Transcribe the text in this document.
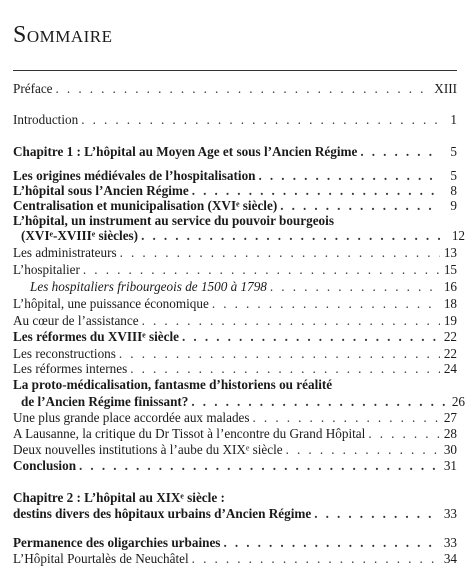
Sommaire
Préface . . .	XIII
Introduction . . .	1
Chapitre 1 : L’hôpital au Moyen Age et sous l’Ancien Régime . . .	5
Les origines médiévales de l’hospitalisation . . .	5
L’hôpital sous l’Ancien Régime . . .	8
Centralisation et municipalisation (XVIᵉ siècle) . . .	9
L’hôpital, un instrument au service du pouvoir bourgeois
(XVIᵉ-XVIIIᵉ siècles) . . .	12
Les administrateurs . . .	13
L’hospitalier . . .	15
Les hospitaliers fribourgeois de 1500 à 1798 . . .	16
L’hôpital, une puissance économique . . .	18
Au cœur de l’assistance . . .	19
Les réformes du XVIIIᵉ siècle . . .	22
Les reconstructions . . .	22
Les réformes internes . . .	24
La proto-médicalisation, fantasme d’historiens ou réalité
de l’Ancien Régime finissant? . . .	26
Une plus grande place accordée aux malades . . .	27
A Lausanne, la critique du Dr Tissot à l’encontre du Grand Hôpital . . .	28
Deux nouvelles institutions à l’aube du XIXᵉ siècle . . .	30
Conclusion . . .	31
Chapitre 2 : L’hôpital au XIXᵉ siècle :
destins divers des hôpitaux urbains d’Ancien Régime . . .	33
Permanence des oligarchies urbaines . . .	33
L’Hôpital Pourtalès de Neuchâtel . . .	34
